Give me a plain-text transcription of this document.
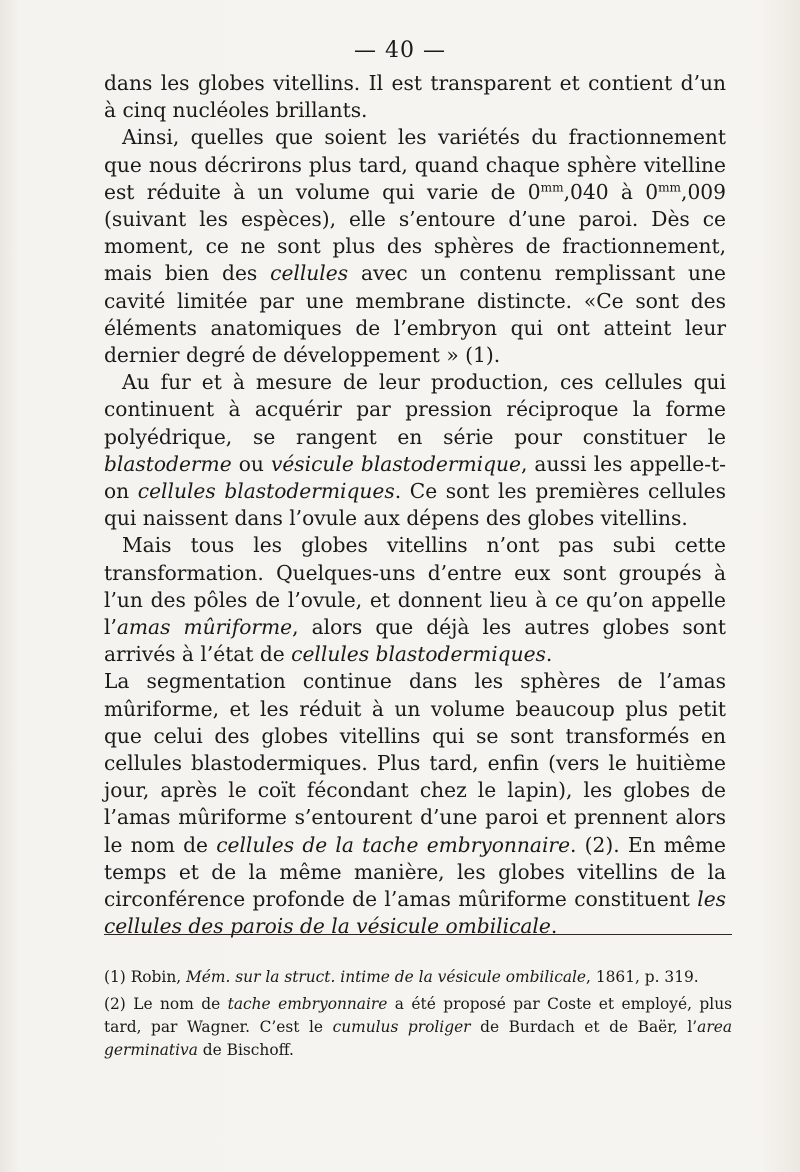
— 40 —

dans les globes vitellins. Il est transparent et contient d’un à cinq nucléoles brillants.

Ainsi, quelles que soient les variétés du fractionnement que nous décrirons plus tard, quand chaque sphère vitelline est réduite à un volume qui varie de $0^{mm},040$ à $0^{mm},009$ (suivant les espèces), elle s’entoure d’une paroi. Dès ce moment, ce ne sont plus des sphères de fractionnement, mais bien des cellules avec un contenu remplissant une cavité limitée par une membrane distincte. «Ce sont des éléments anatomiques de l’embryon qui ont atteint leur dernier degré de développement » (1).

Au fur et à mesure de leur production, ces cellules qui continuent à acquérir par pression réciproque la forme polyédrique, se rangent en série pour constituer le blastoderme ou vésicule blastodermique, aussi les appelle-t-on cellules blastodermiques. Ce sont les premières cellules qui naissent dans l’ovule aux dépens des globes vitellins.

Mais tous les globes vitellins n’ont pas subi cette transformation. Quelques-uns d’entre eux sont groupés à l’un des pôles de l’ovule, et donnent lieu à ce qu’on appelle l’amas mûriforme, alors que déjà les autres globes sont arrivés à l’état de cellules blastodermiques.

La segmentation continue dans les sphères de l’amas mûriforme, et les réduit à un volume beaucoup plus petit que celui des globes vitellins qui se sont transformés en cellules blastodermiques. Plus tard, enfin (vers le huitième jour, après le coït fécondant chez le lapin), les globes de l’amas mûriforme s’entourent d’une paroi et prennent alors le nom de cellules de la tache embryonnaire. (2). En même temps et de la même manière, les globes vitellins de la circonférence profonde de l’amas mûriforme constituent les cellules des parois de la vésicule ombilicale.

(1) Robin, Mém. sur la struct. intime de la vésicule ombilicale, 1861, p. 319.

(2) Le nom de tache embryonnaire a été proposé par Coste et employé, plus tard, par Wagner. C’est le cumulus proliger de Burdach et de Baër, l’area germinativa de Bischoff.
